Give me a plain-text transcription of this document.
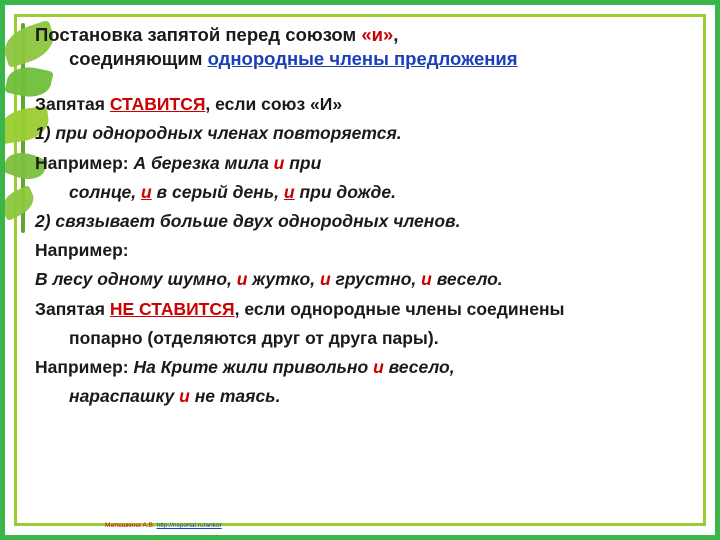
Постановка запятой перед союзом «и»,
соединяющим однородные члены предложения
Запятая СТАВИТСЯ, если союз «И»
1) при однородных членах повторяется.
Например: А березка мила и при
солнце, и в серый день, и при дожде.
2) связывает больше двух однородных членов.
Например:
В лесу одному шумно, и жутко, и грустно, и весело.
Запятая НЕ СТАВИТСЯ, если однородные члены соединены
попарно (отделяются друг от друга пары).
Например: На Крите жили привольно и весело,
нараспашку и не таясь.
Матюшкина А.В. http://nsportal.ru/ankor
